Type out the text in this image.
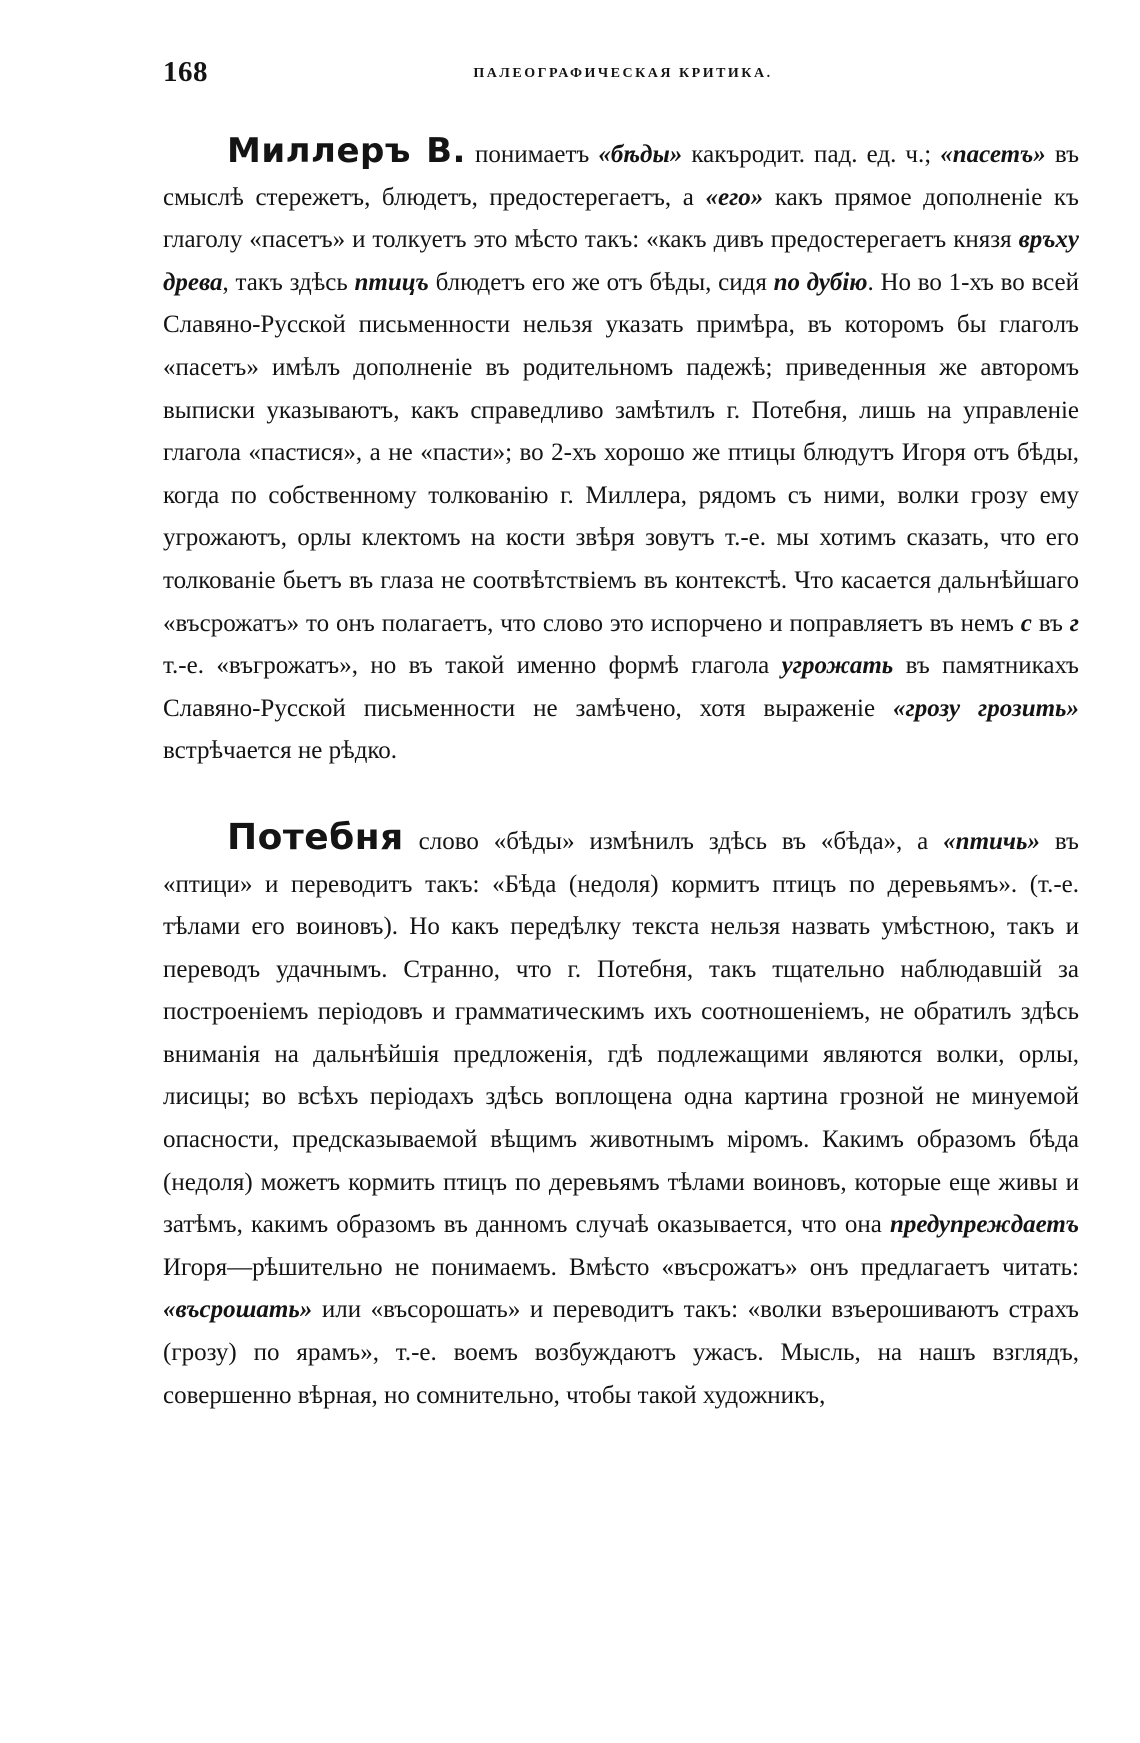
168	ПАЛЕОГРАФИЧЕСКАЯ КРИТИКА.

Миллеръ В. понимаетъ «бѣды» какъродит. пад. ед. ч.; «пасетъ» въ смыслѣ стережетъ, блюдетъ, предостерегаетъ, а «его» какъ прямое дополненіе къ глаголу «пасетъ» и толкуетъ это мѣсто такъ: «какъ дивъ предостерегаетъ князя връху древа, такъ здѣсь птицъ блюдетъ его же отъ бѣды, сидя по дубію. Но во 1-хъ во всей Славяно-Русской письменности нельзя указать примѣра, въ которомъ бы глаголъ «пасетъ» имѣлъ дополненіе въ родительномъ падежѣ; приведенныя же авторомъ выписки указываютъ, какъ справедливо замѣтилъ г. Потебня, лишь на управленіе глагола «пастися», а не «пасти»; во 2-хъ хорошо же птицы блюдутъ Игоря отъ бѣды, когда по собственному толкованію г. Миллера, рядомъ съ ними, волки грозу ему угрожаютъ, орлы клектомъ на кости звѣря зовутъ т.-е. мы хотимъ сказать, что его толкованіе бьетъ въ глаза не соотвѣтствіемъ въ контекстѣ. Что касается дальнѣйшаго «въсрожатъ» то онъ полагаетъ, что слово это испорчено и поправляетъ въ немъ с въ г т.-е. «въгрожатъ», но въ такой именно формѣ глагола угрожать въ памятникахъ Славяно-Русской письменности не замѣчено, хотя выраженіе «грозу грозить» встрѣчается не рѣдко.

Потебня слово «бѣды» измѣнилъ здѣсь въ «бѣда», а «птичь» въ «птици» и переводитъ такъ: «Бѣда (недоля) кормитъ птицъ по деревьямъ». (т.-е. тѣлами его воиновъ). Но какъ передѣлку текста нельзя назвать умѣстною, такъ и переводъ удачнымъ. Странно, что г. Потебня, такъ тщательно наблюдавшій за построеніемъ періодовъ и грамматическимъ ихъ соотношеніемъ, не обратилъ здѣсь вниманія на дальнѣйшія предложенія, гдѣ подлежащими являются волки, орлы, лисицы; во всѣхъ періодахъ здѣсь воплощена одна картина грозной не минуемой опасности, предсказываемой вѣщимъ животнымъ міромъ. Какимъ образомъ бѣда (недоля) можетъ кормить птицъ по деревьямъ тѣлами воиновъ, которые еще живы и затѣмъ, какимъ образомъ въ данномъ случаѣ оказывается, что она предупреждаетъ Игоря—рѣшительно не понимаемъ. Вмѣсто «въсрожатъ» онъ предлагаетъ читать: «въсрошать» или «въсорошать» и переводитъ такъ: «волки взъерошиваютъ страхъ (грозу) по ярамъ», т.-е. воемъ возбуждаютъ ужасъ. Мысль, на нашъ взглядъ, совершенно вѣрная, но сомнительно, чтобы такой художникъ,
